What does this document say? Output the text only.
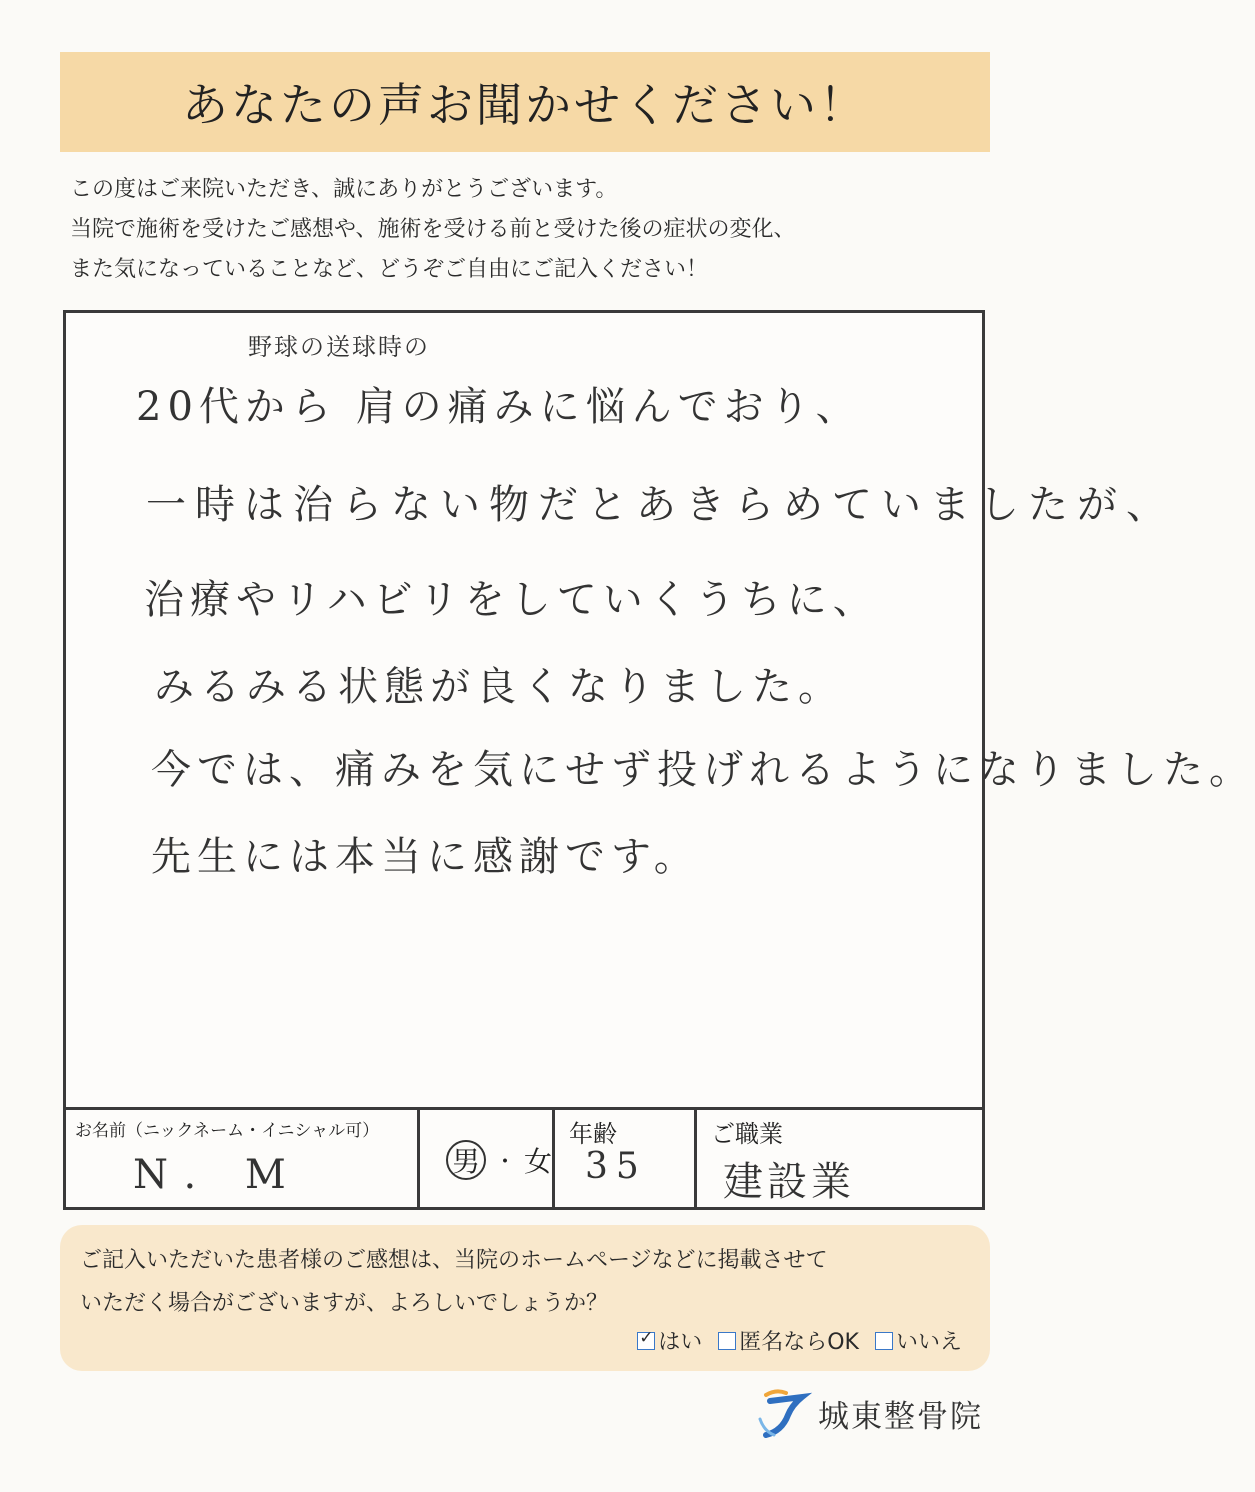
あなたの声お聞かせください！
この度はご来院いただき、誠にありがとうございます。
当院で施術を受けたご感想や、施術を受ける前と受けた後の症状の変化、
また気になっていることなど、どうぞご自由にご記入ください！
野球の送球時の
20代から 肩の痛みに悩んでおり、
一時は治らない物だとあきらめていましたが、
治療やリハビリをしていくうちに、
みるみる状態が良くなりました。
今では、痛みを気にせず投げれるようになりました。
先生には本当に感謝です。
お名前（ニックネーム・イニシャル可）
N. M	男 ・ 女
年齢
35
ご職業
建設業
ご記入いただいた患者様のご感想は、当院のホームページなどに掲載させて
いただく場合がございますが、よろしいでしょうか？
✓
はい 匿名ならOK いいえ
城東整骨院
